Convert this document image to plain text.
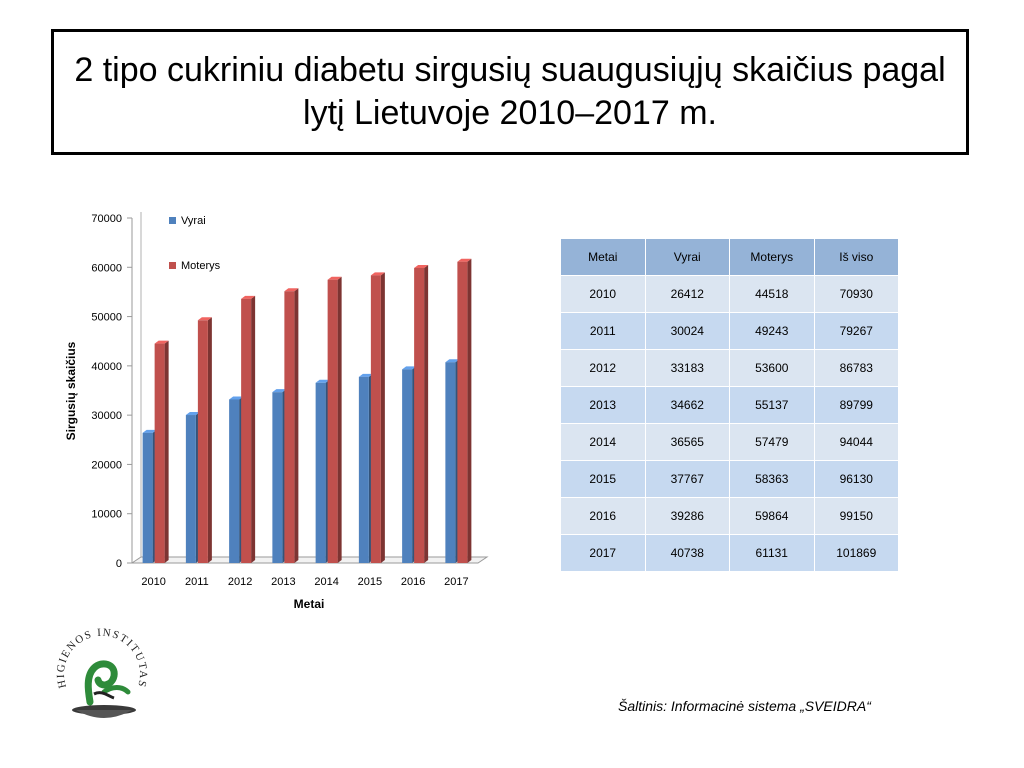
2 tipo cukriniu diabetu sirgusių suaugusiųjų skaičius pagal lytį Lietuvoje 2010–2017 m.

0
10000
20000
30000
40000
50000
60000
70000
2010 2011 2012 2013 2014 2015 2016 2017
Metai
Sirgusių skaičius
Vyrai
Moterys
Metai	Vyrai	Moterys	Iš viso
2010	26412	44518	70930
2011	30024	49243	79267
2012	33183	53600	86783
2013	34662	55137	89799
2014	36565	57479	94044
2015	37767	58363	96130
2016	39286	59864	99150
2017	40738	61131	101869
HIGIENOS INSTITUTAS
Šaltinis: Informacinė sistema „SVEIDRA“
